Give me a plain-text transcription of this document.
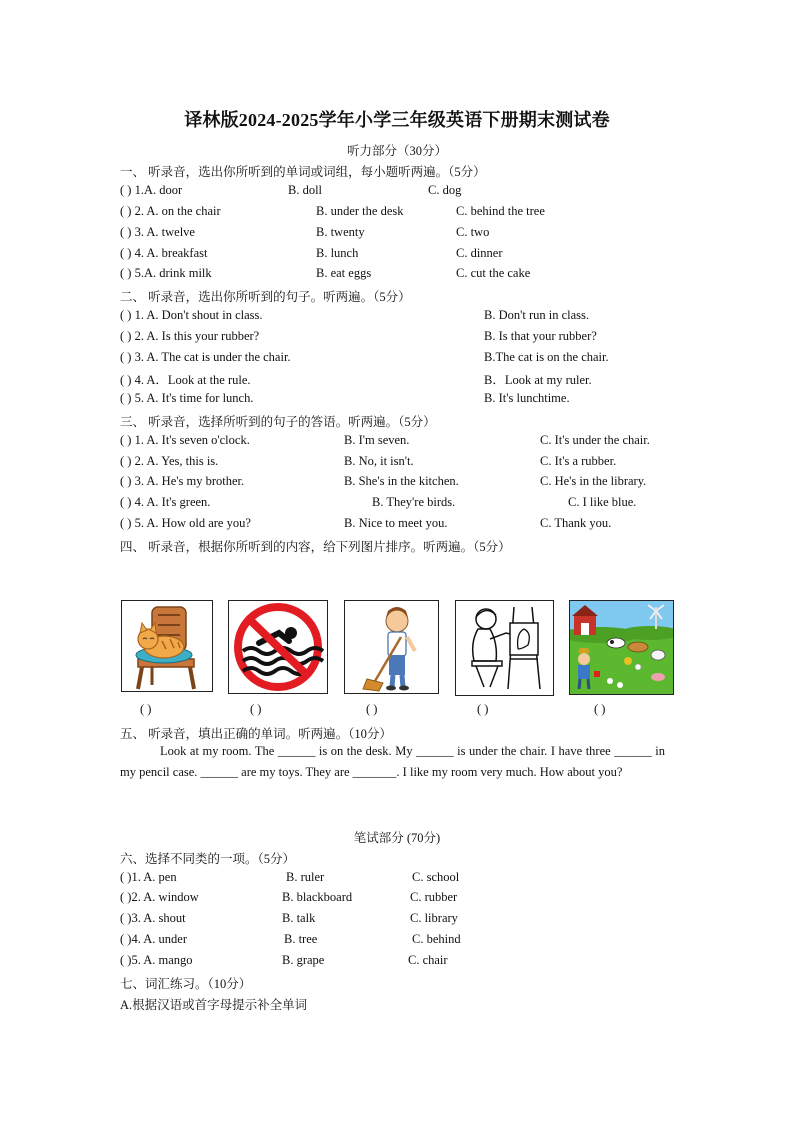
译林版2024-2025学年小学三年级英语下册期末测试卷
听力部分（30分）
一、 听录音，选出你所听到的单词或词组，每小题听两遍。（5分）
( ) 1.A. door	B. doll	C. dog
( ) 2. A. on the chair	B. under the desk	C. behind the tree
( ) 3. A. twelve	B. twenty	C. two
( ) 4. A. breakfast	B. lunch	C. dinner
( ) 5.A. drink milk	B. eat eggs	C. cut the cake
二、 听录音，选出你所听到的句子。听两遍。（5分）
( ) 1. A. Don't shout in class.	B. Don't run in class.
( ) 2. A. Is this your rubber?	B. Is that your rubber?
( ) 3. A. The cat is under the chair.	B.The cat is on the chair.
( ) 4. A．Look at the rule.	B．Look at my ruler.
( ) 5. A. It's time for lunch.	B. It's lunchtime.
三、 听录音，选择所听到的句子的答语。听两遍。（5分）
( ) 1. A. It's seven o'clock.	B. I'm seven.	C. It's under the chair.
( ) 2. A. Yes, this is.	B. No, it isn't.	C. It's a rubber.
( ) 3. A. He's my brother.	B. She's in the kitchen.	C. He's in the library.
( ) 4. A. It's green.	B. They're birds.	C. I like blue.
( ) 5. A. How old are you?	B. Nice to meet you.	C. Thank you.
四、 听录音，根据你所听到的内容，给下列图片排序。听两遍。（5分）
( )	( )	( )	( )	( )
五、 听录音，填出正确的单词。听两遍。（10分）
Look at my room. The ______ is on the desk. My ______ is under the chair. I have three ______ in my pencil case. ______ are my toys. They are _______. I like my room very much. How about you?
笔试部分 (70分)
六、选择不同类的一项。（5分）
( )1. A. pen	B. ruler	C. school
( )2. A. window	B. blackboard	C. rubber
( )3. A. shout	B. talk	C. library
( )4. A. under	B. tree	C. behind
( )5. A. mango	B. grape	C. chair
七、词汇练习。（10分）
A.根据汉语或首字母提示补全单词
